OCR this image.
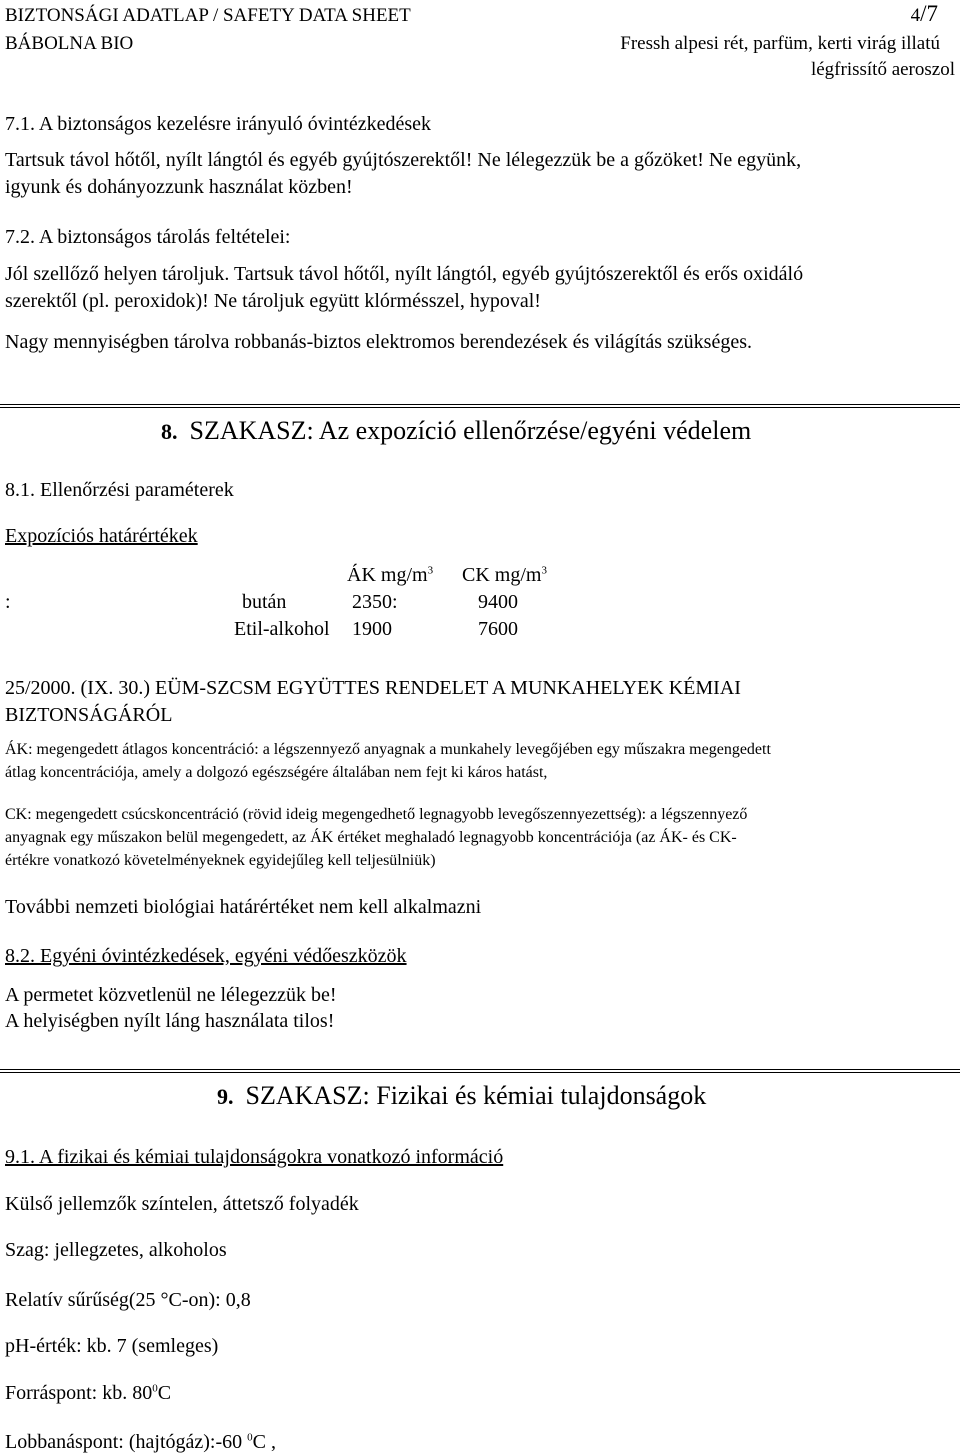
BIZTONSÁGI ADATLAP / SAFETY DATA SHEET
BÁBOLNA BIO
4/7
Fressh alpesi rét, parfüm, kerti virág illatú
légfrissítő aeroszol
7.1. A biztonságos kezelésre irányuló óvintézkedések
Tartsuk távol hőtől, nyílt lángtól és egyéb gyújtószerektől! Ne lélegezzük be a gőzöket! Ne együnk,
igyunk és dohányozzunk használat közben!
7.2. A biztonságos tárolás feltételei:
Jól szellőző helyen tároljuk. Tartsuk távol hőtől, nyílt lángtól, egyéb gyújtószerektől és erős oxidáló
szerektől (pl. peroxidok)! Ne tároljuk együtt klórmésszel, hypoval!
Nagy mennyiségben tárolva robbanás-biztos elektromos berendezések és világítás szükséges.
8. SZAKASZ: Az expozíció ellenőrzése/egyéni védelem
8.1. Ellenőrzési paraméterek
Expozíciós határértékek
ÁK $mg/m^3$ CK $mg/m^3$
:	bután	2350:	9400
Etil-alkohol 1900	7600
25/2000. (IX. 30.) EÜM-SZCSM EGYÜTTES RENDELET A MUNKAHELYEK KÉMIAI
BIZTONSÁGÁRÓL
ÁK: megengedett átlagos koncentráció: a légszennyező anyagnak a munkahely levegőjében egy műszakra megengedett
átlag koncentrációja, amely a dolgozó egészségére általában nem fejt ki káros hatást,
CK: megengedett csúcskoncentráció (rövid ideig megengedhető legnagyobb levegőszennyezettség): a légszennyező
anyagnak egy műszakon belül megengedett, az ÁK értéket meghaladó legnagyobb koncentrációja (az ÁK- és CK-
értékre vonatkozó követelményeknek egyidejűleg kell teljesülniük)
További nemzeti biológiai határértéket nem kell alkalmazni
8.2. Egyéni óvintézkedések, egyéni védőeszközök
A permetet közvetlenül ne lélegezzük be!
A helyiségben nyílt láng használata tilos!
9. SZAKASZ: Fizikai és kémiai tulajdonságok
9.1. A fizikai és kémiai tulajdonságokra vonatkozó információ
Külső jellemzők színtelen, áttetsző folyadék
Szag: jellegzetes, alkoholos
Relatív sűrűség(25 °C-on): 0,8
pH-érték: kb. 7 (semleges)
Forráspont: kb. $80^0C$
Lobbanáspont: (hajtógáz):-60 $^0$C ,
